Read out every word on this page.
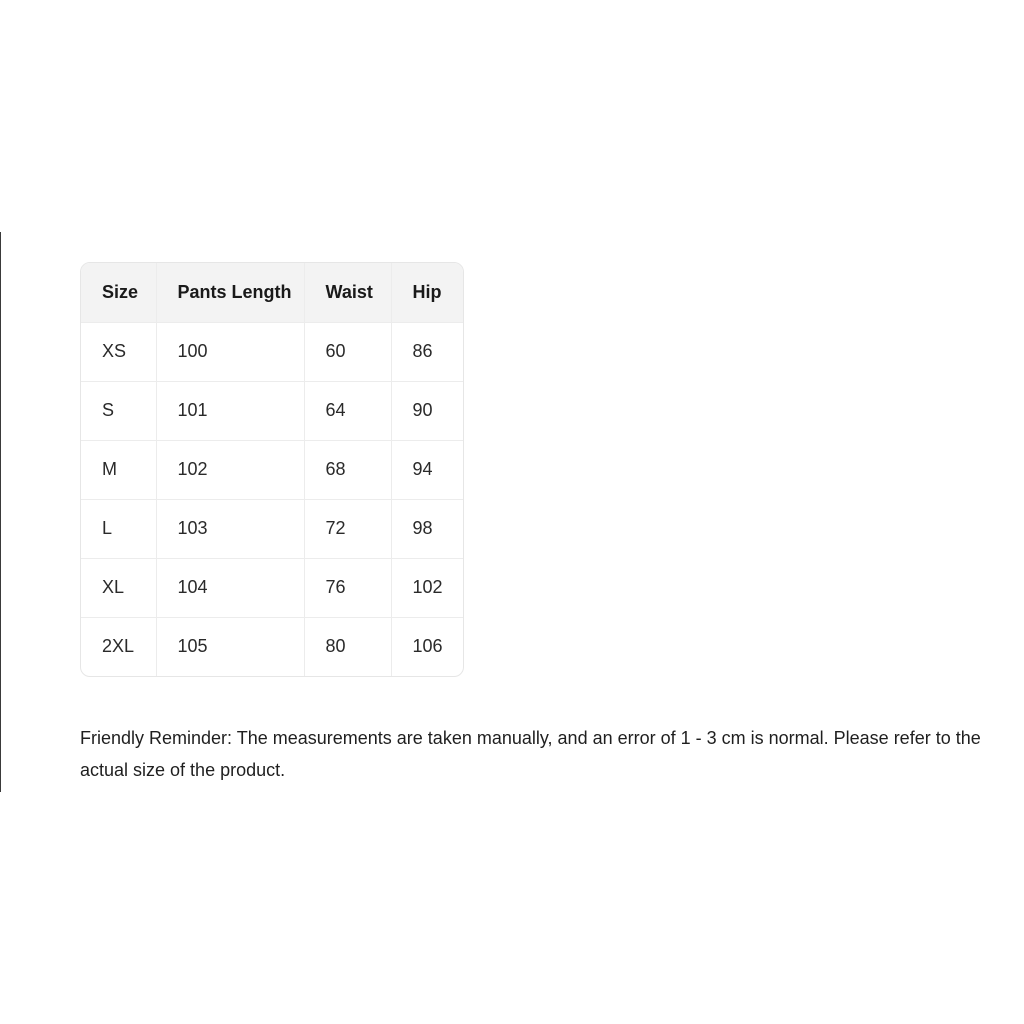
Size	Pants Length	Waist	Hip
XS	100	60	86
S	101	64	90
M	102	68	94
L	103	72	98
XL	104	76	102
2XL	105	80	106

Friendly Reminder: The measurements are taken manually, and an error of 1 - 3 cm is normal. Please refer to the actual size of the product.
